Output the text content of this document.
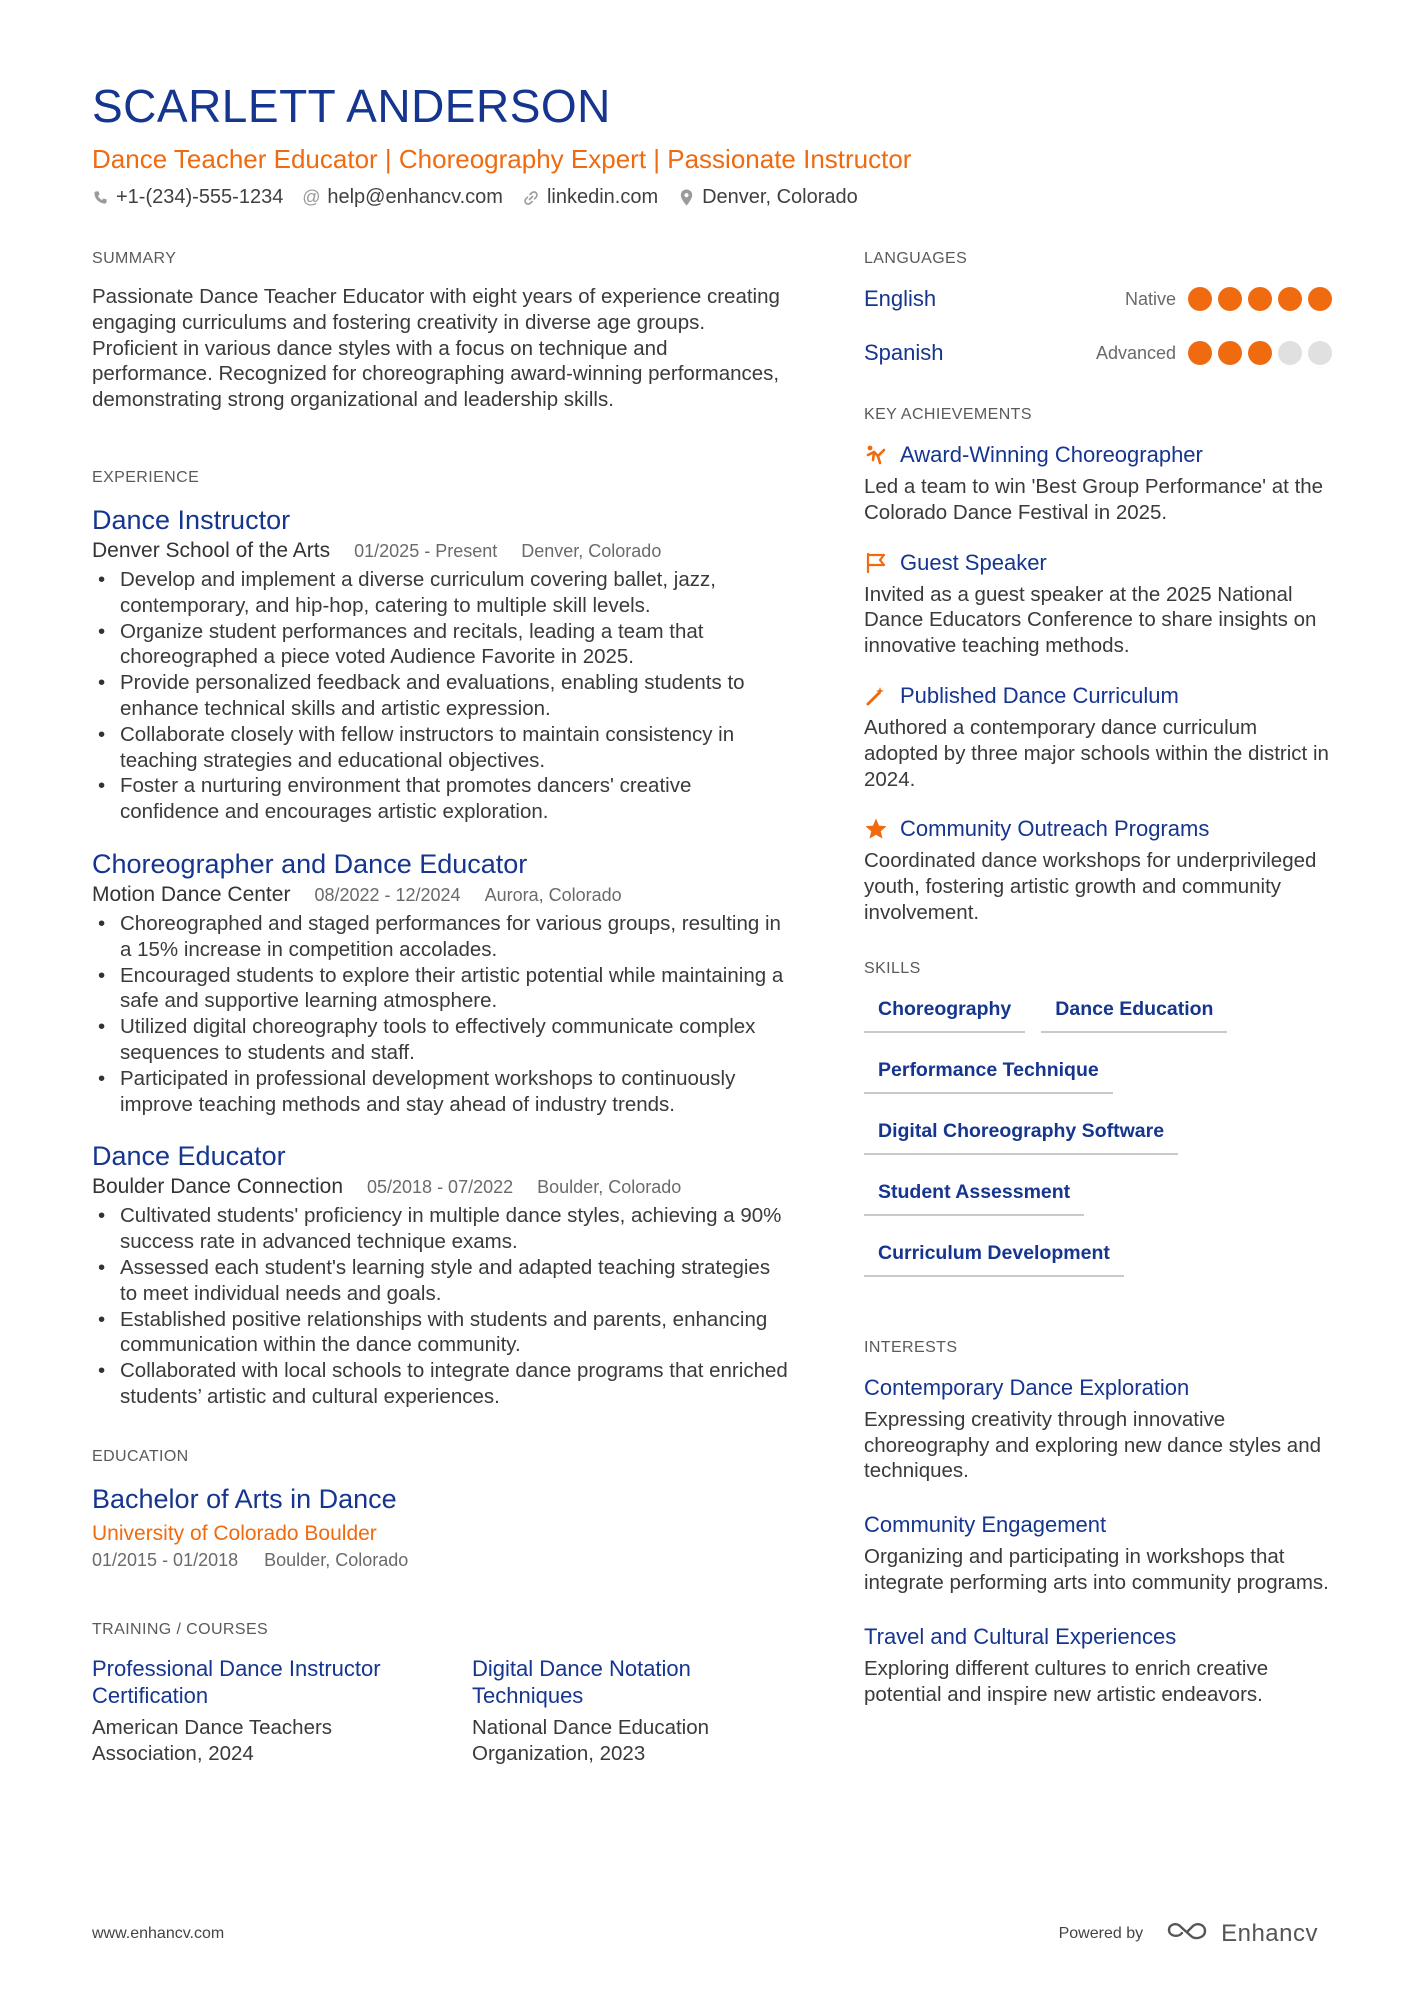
SCARLETT ANDERSON
Dance Teacher Educator | Choreography Expert | Passionate Instructor
+1-(234)-555-1234 @ help@enhancv.com linkedin.com Denver, Colorado
SUMMARY

Passionate Dance Teacher Educator with eight years of experience creating engaging curriculums and fostering creativity in diverse age groups. Proficient in various dance styles with a focus on technique and performance. Recognized for choreographing award-winning performances, demonstrating strong organizational and leadership skills.

EXPERIENCE
Dance Instructor
Denver School of the Arts 01/2025 - Present Denver, Colorado
• Develop and implement a diverse curriculum covering ballet, jazz, contemporary, and hip-hop, catering to multiple skill levels.
• Organize student performances and recitals, leading a team that choreographed a piece voted Audience Favorite in 2025.
• Provide personalized feedback and evaluations, enabling students to enhance technical skills and artistic expression.
• Collaborate closely with fellow instructors to maintain consistency in teaching strategies and educational objectives.
• Foster a nurturing environment that promotes dancers' creative confidence and encourages artistic exploration.
Choreographer and Dance Educator
Motion Dance Center 08/2022 - 12/2024 Aurora, Colorado
• Choreographed and staged performances for various groups, resulting in a 15% increase in competition accolades.
• Encouraged students to explore their artistic potential while maintaining a safe and supportive learning atmosphere.
• Utilized digital choreography tools to effectively communicate complex sequences to students and staff.
• Participated in professional development workshops to continuously improve teaching methods and stay ahead of industry trends.
Dance Educator
Boulder Dance Connection 05/2018 - 07/2022 Boulder, Colorado
• Cultivated students' proficiency in multiple dance styles, achieving a 90% success rate in advanced technique exams.
• Assessed each student's learning style and adapted teaching strategies to meet individual needs and goals.
• Established positive relationships with students and parents, enhancing communication within the dance community.
• Collaborated with local schools to integrate dance programs that enriched students’ artistic and cultural experiences.
EDUCATION
Bachelor of Arts in Dance
University of Colorado Boulder
01/2015 - 01/2018 Boulder, Colorado
TRAINING / COURSES
Professional Dance Instructor Certification
American Dance Teachers Association, 2024
Digital Dance Notation Techniques
National Dance Education Organization, 2023
LANGUAGES
English	Native
Spanish	Advanced
KEY ACHIEVEMENTS
Award-Winning Choreographer
Led a team to win 'Best Group Performance' at the Colorado Dance Festival in 2025.
Guest Speaker
Invited as a guest speaker at the 2025 National Dance Educators Conference to share insights on innovative teaching methods.
Published Dance Curriculum
Authored a contemporary dance curriculum adopted by three major schools within the district in 2024.
Community Outreach Programs
Coordinated dance workshops for underprivileged youth, fostering artistic growth and community involvement.
SKILLS
Choreography	Dance Education
Performance Technique
Digital Choreography Software
Student Assessment
Curriculum Development
INTERESTS
Contemporary Dance Exploration
Expressing creativity through innovative choreography and exploring new dance styles and techniques.
Community Engagement
Organizing and participating in workshops that integrate performing arts into community programs.
Travel and Cultural Experiences
Exploring different cultures to enrich creative potential and inspire new artistic endeavors.
www.enhancv.com	Powered by	Enhancv
